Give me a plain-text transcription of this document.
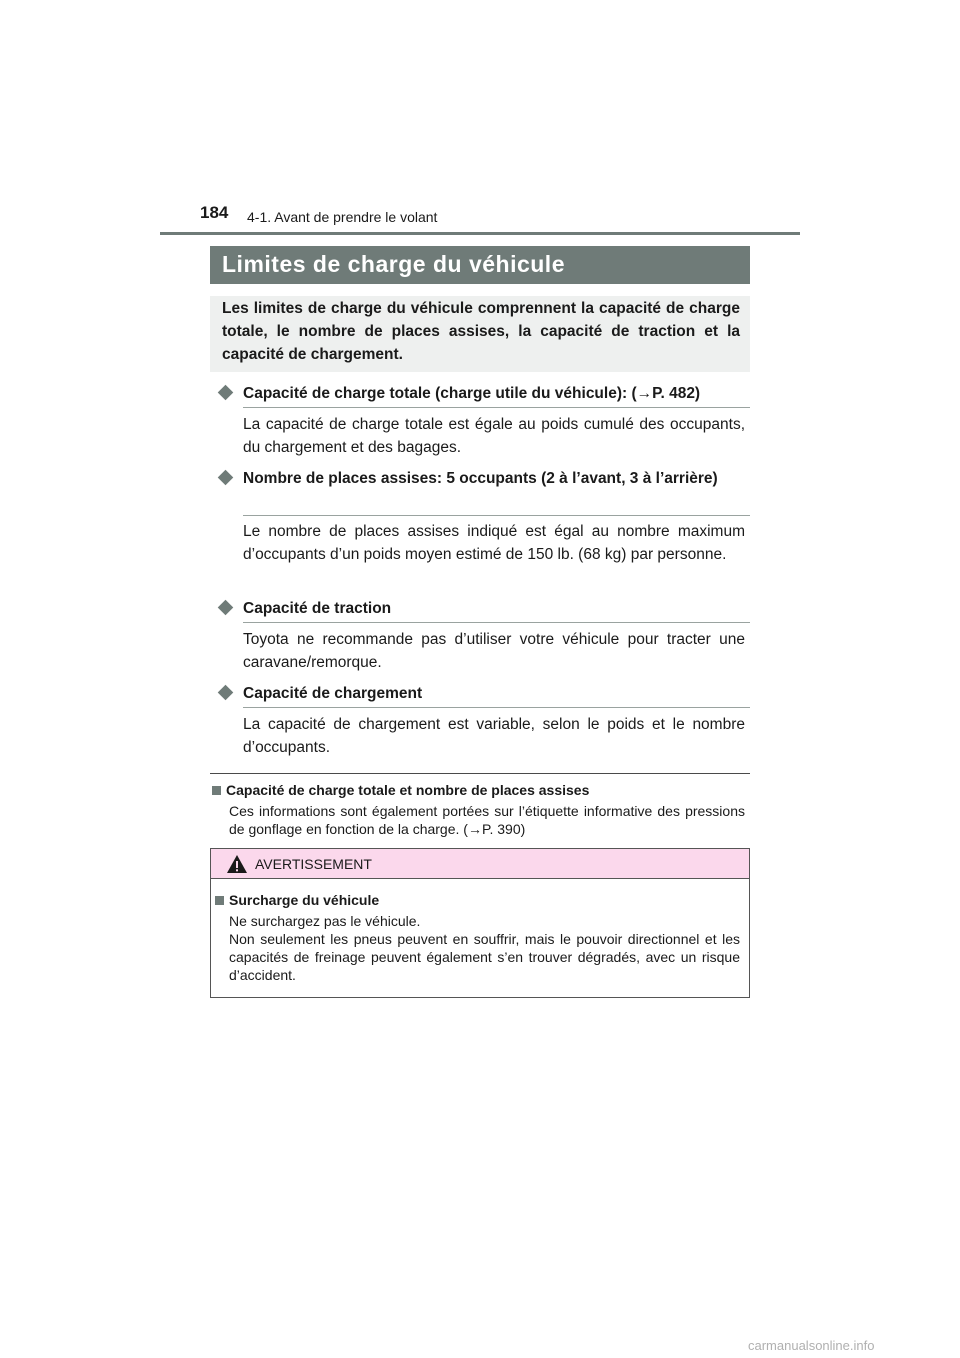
184 4-1. Avant de prendre le volant
Limites de charge du véhicule
Les limites de charge du véhicule comprennent la capacité de charge totale, le nombre de places assises, la capacité de traction et la capacité de chargement.
Capacité de charge totale (charge utile du véhicule): (→P. 482)
La capacité de charge totale est égale au poids cumulé des occupants, du chargement et des bagages.
Nombre de places assises: 5 occupants (2 à l’avant, 3 à l’arrière)
Le nombre de places assises indiqué est égal au nombre maximum d’occupants d’un poids moyen estimé de 150 lb. (68 kg) par personne.
Capacité de traction
Toyota ne recommande pas d’utiliser votre véhicule pour tracter une caravane/remorque.
Capacité de chargement
La capacité de chargement est variable, selon le poids et le nombre d’occupants.
Capacité de charge totale et nombre de places assises
Ces informations sont également portées sur l’étiquette informative des pressions de gonflage en fonction de la charge. (→P. 390)
AVERTISSEMENT
Surcharge du véhicule
Ne surchargez pas le véhicule.
Non seulement les pneus peuvent en souffrir, mais le pouvoir directionnel et les capacités de freinage peuvent également s’en trouver dégradés, avec un risque d’accident.
carmanualsonline.info
